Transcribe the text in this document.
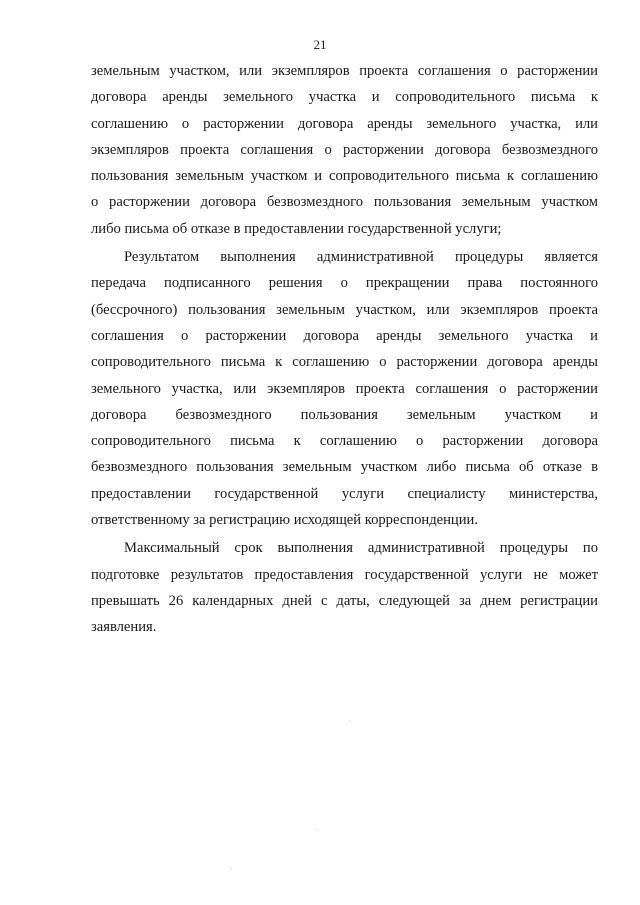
21
земельным участком, или экземпляров проекта соглашения о расторжении
договора аренды земельного участка и сопроводительного письма к
соглашению о расторжении договора аренды земельного участка, или
экземпляров проекта соглашения о расторжении договора безвозмездного
пользования земельным участком и сопроводительного письма к соглашению
о расторжении договора безвозмездного пользования земельным участком
либо письма об отказе в предоставлении государственной услуги;
Результатом выполнения административной процедуры является
передача подписанного решения о прекращении права постоянного
(бессрочного) пользования земельным участком, или экземпляров проекта
соглашения о расторжении договора аренды земельного участка и
сопроводительного письма к соглашению о расторжении договора аренды
земельного участка, или экземпляров проекта соглашения о расторжении
договора безвозмездного пользования земельным участком и
сопроводительного письма к соглашению о расторжении договора
безвозмездного пользования земельным участком либо письма об отказе в
предоставлении государственной услуги специалисту министерства,
ответственному за регистрацию исходящей корреспонденции.
Максимальный срок выполнения административной процедуры по
подготовке результатов предоставления государственной услуги не может
превышать 26 календарных дней с даты, следующей за днем регистрации
заявления.
